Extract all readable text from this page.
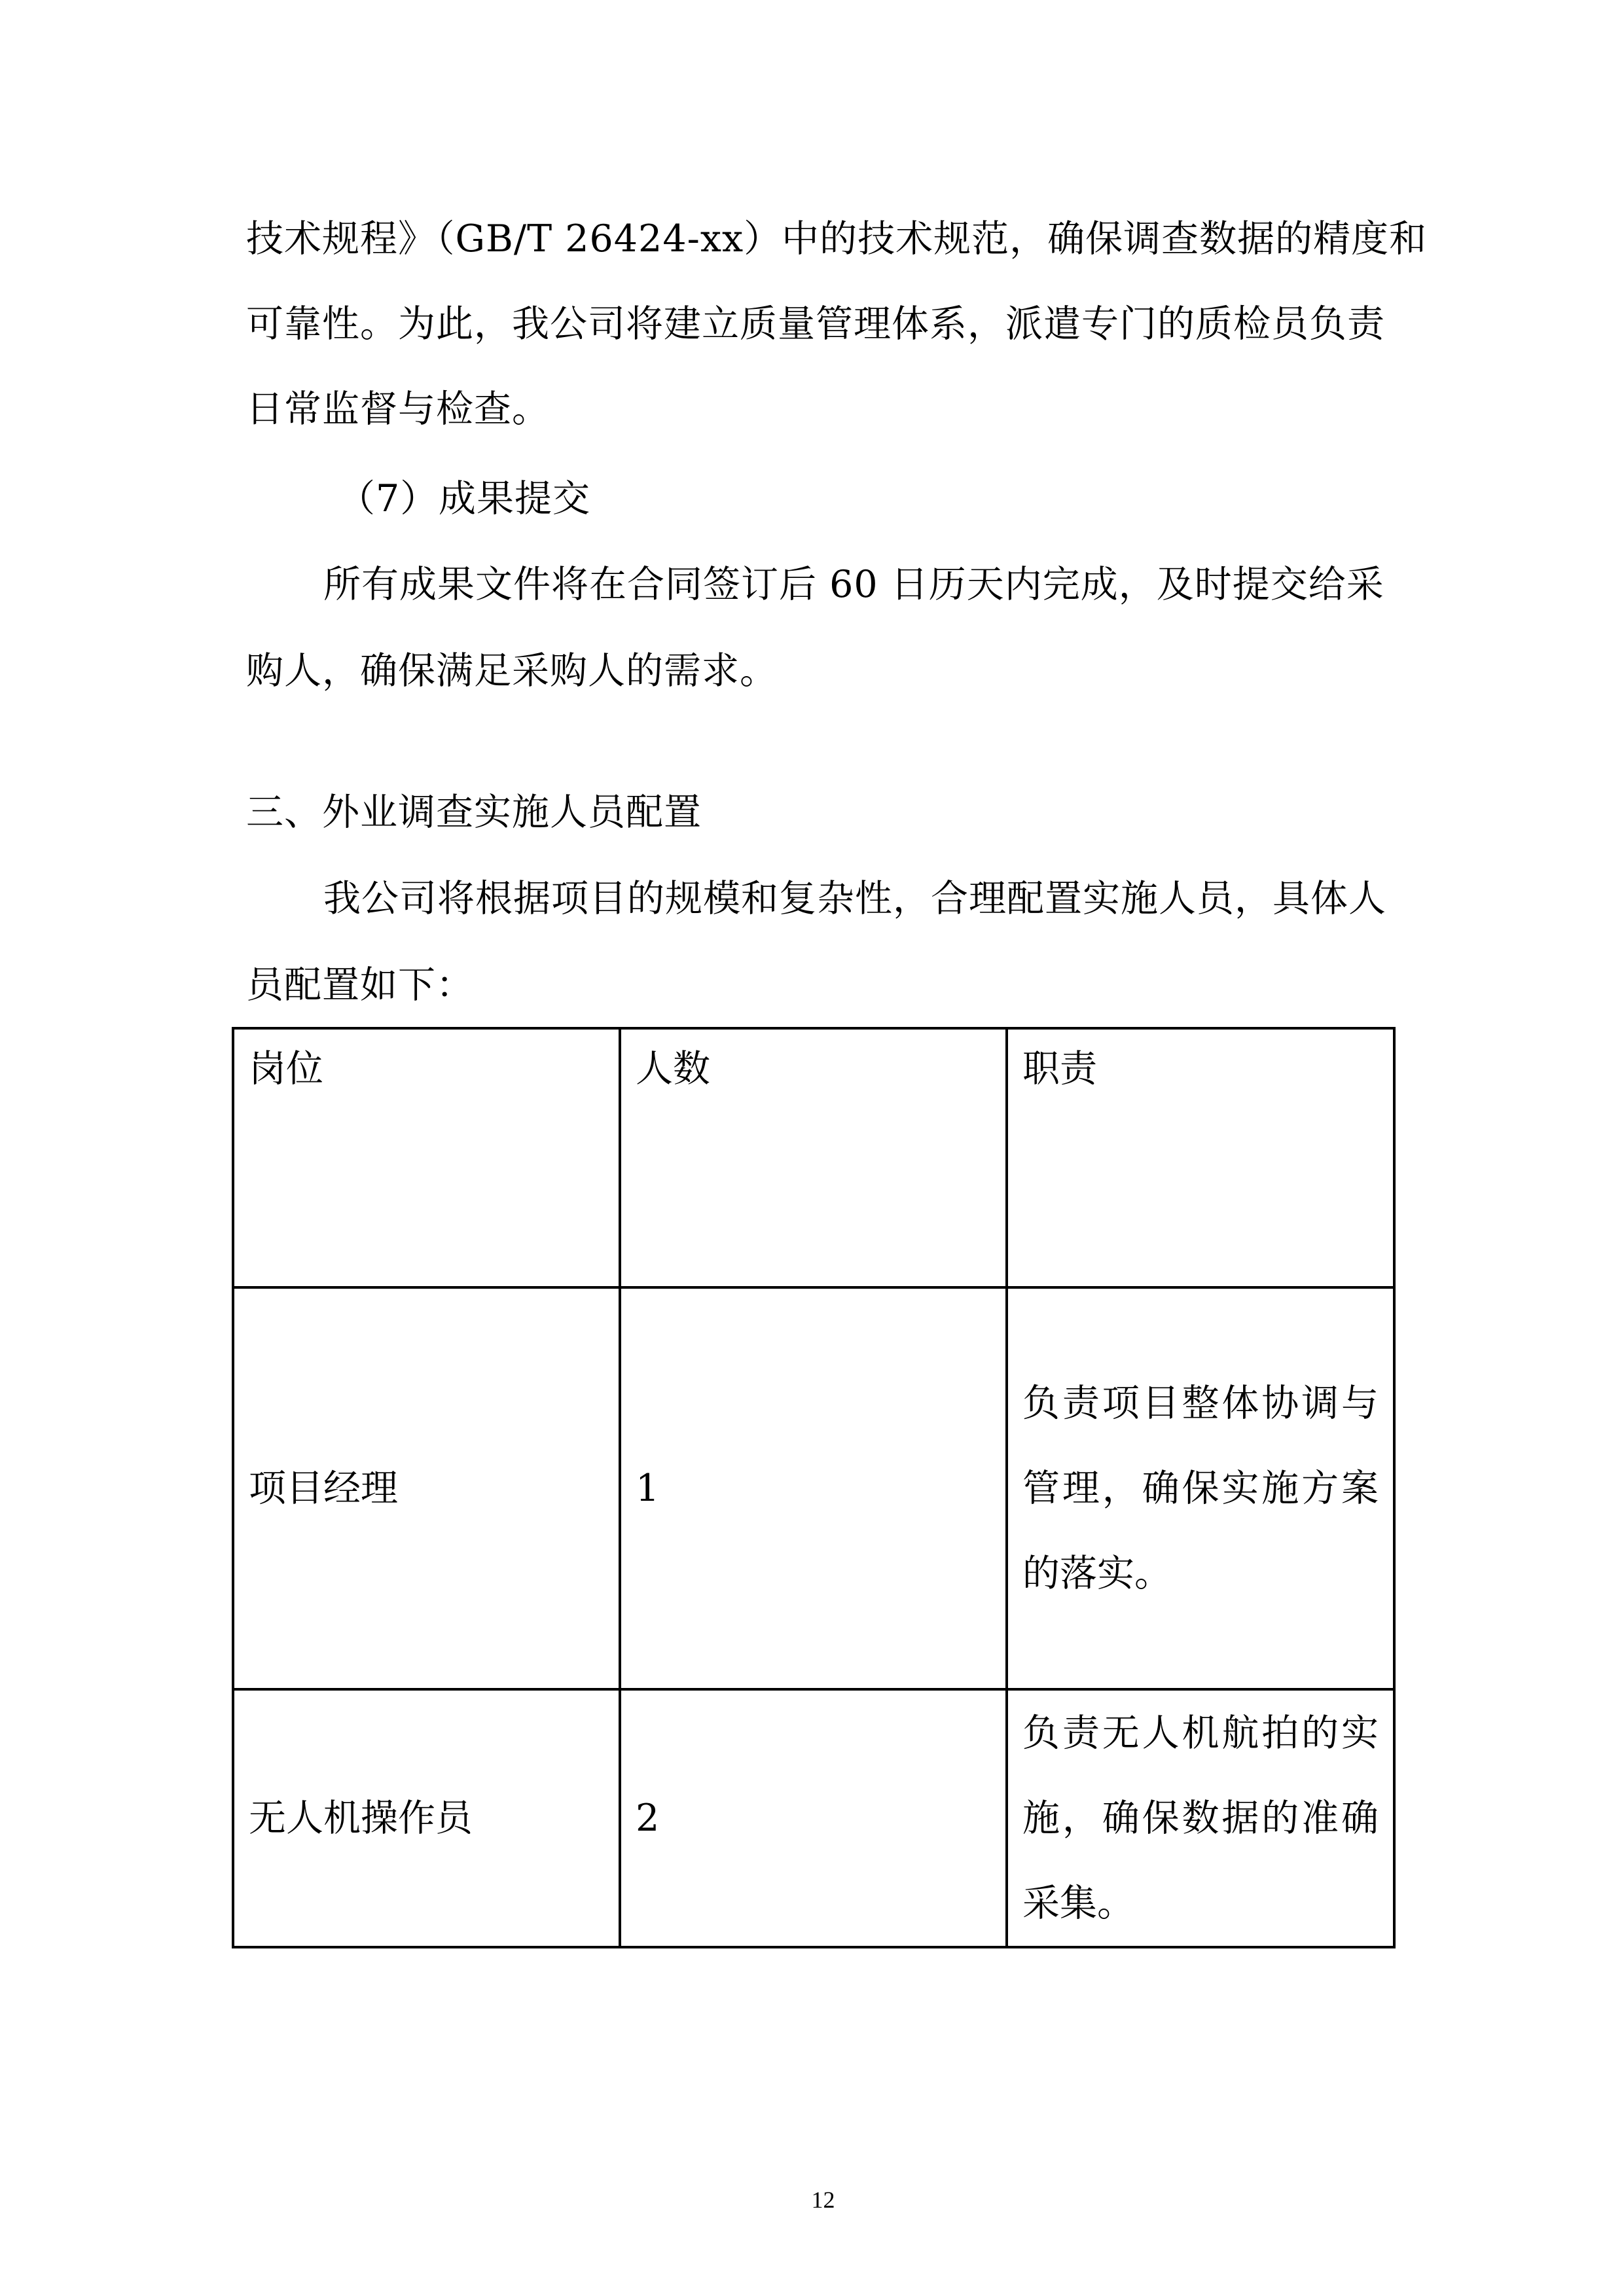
技术规程》（GB/T 26424-xx）中的技术规范，确保调查数据的精度和
可靠性。为此，我公司将建立质量管理体系，派遣专门的质检员负责
日常监督与检查。
（7） 成果提交
所有成果文件将在合同签订后 60 日历天内完成，及时提交给采
购人，确保满足采购人的需求。
三、外业调查实施人员配置
我公司将根据项目的规模和复杂性，合理配置实施人员，具体人
员配置如下：
岗位	人数	职责
项目经理	1	负责项目整体协调与
管理，确保实施方案
的落实。

无人机操作员	2	负责无人机航拍的实
施，确保数据的准确
采集。
12
